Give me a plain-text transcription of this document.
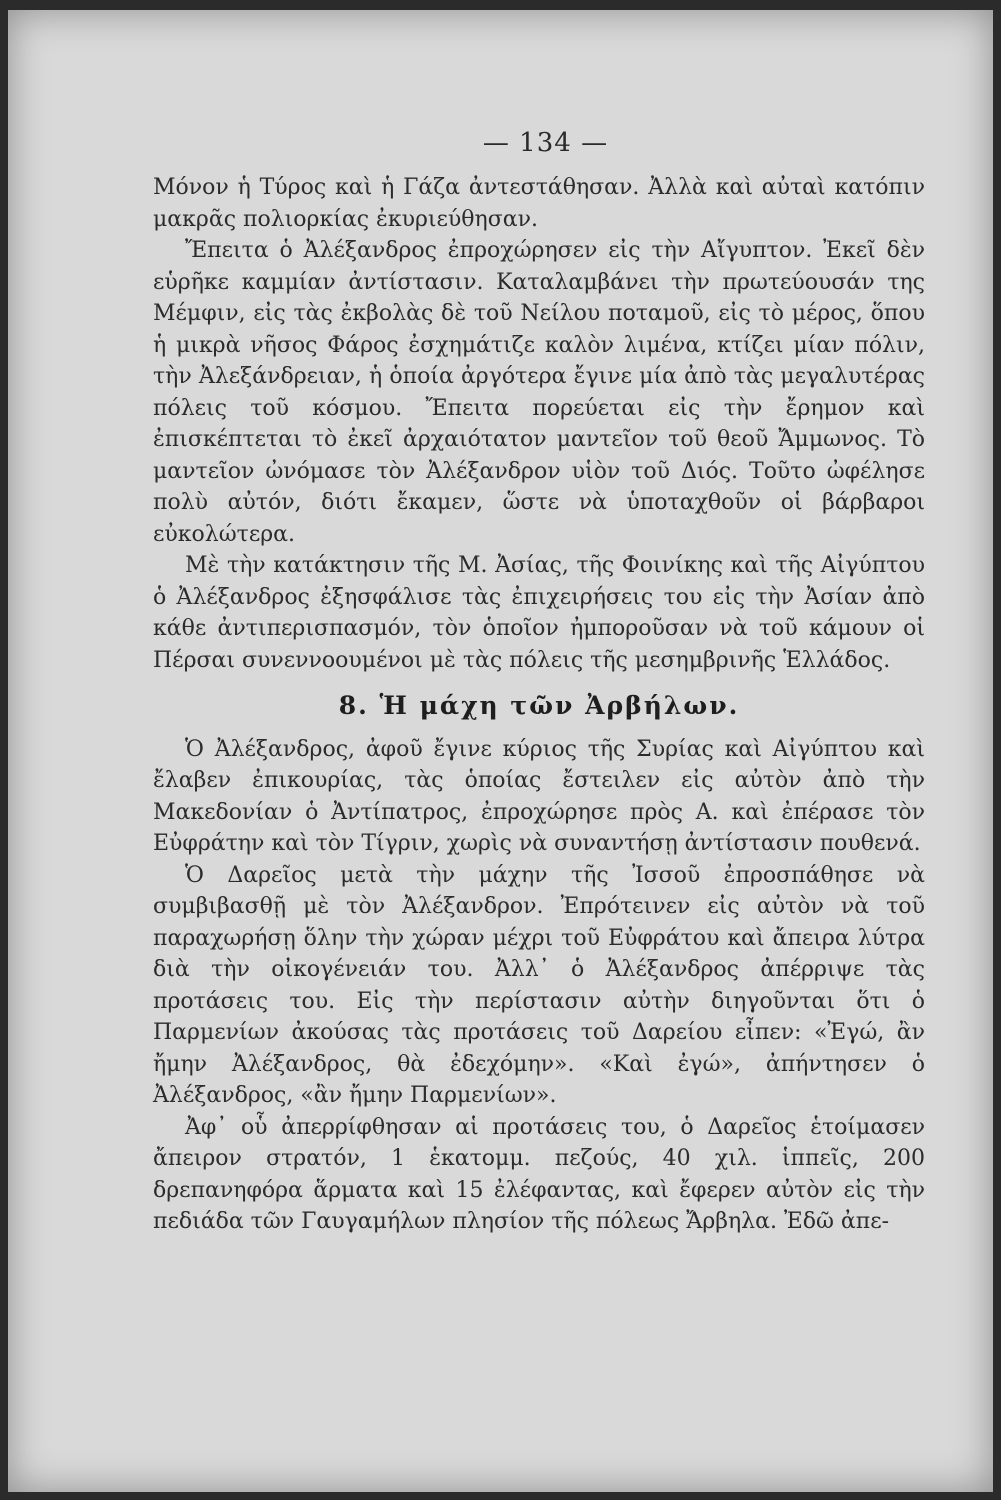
— 134 —

Μόνον ἡ Τύρος καὶ ἡ Γάζα ἀντεστάθησαν. Ἀλλὰ καὶ αὐταὶ κατόπιν μακρᾶς πολιορκίας ἐκυριεύθησαν.

Ἔπειτα ὁ Ἀλέξανδρος ἐπροχώρησεν εἰς τὴν Αἴγυπτον. Ἐκεῖ δὲν εὑρῆκε καμμίαν ἀντίστασιν. Καταλαμβάνει τὴν πρωτεύουσάν της Μέμφιν, εἰς τὰς ἐκβολὰς δὲ τοῦ Νείλου ποταμοῦ, εἰς τὸ μέρος, ὅπου ἡ μικρὰ νῆσος Φάρος ἐσχημάτιζε καλὸν λιμένα, κτίζει μίαν πόλιν, τὴν Ἀλεξάνδρειαν, ἡ ὁποία ἀργότερα ἔγινε μία ἀπὸ τὰς μεγαλυτέρας πόλεις τοῦ κόσμου. Ἔπειτα πορεύεται εἰς τὴν ἔρημον καὶ ἐπισκέπτεται τὸ ἐκεῖ ἀρχαιότατον μαντεῖον τοῦ θεοῦ Ἄμμωνος. Τὸ μαντεῖον ὠνόμασε τὸν Ἀλέξανδρον υἱὸν τοῦ Διός. Τοῦτο ὠφέλησε πολὺ αὐτόν, διότι ἔκαμεν, ὥστε νὰ ὑποταχθοῦν οἱ βάρβαροι εὐκολώτερα.

Μὲ τὴν κατάκτησιν τῆς Μ. Ἀσίας, τῆς Φοινίκης καὶ τῆς Αἰγύπτου ὁ Ἀλέξανδρος ἐξησφάλισε τὰς ἐπιχειρήσεις του εἰς τὴν Ἀσίαν ἀπὸ κάθε ἀντιπερισπασμόν, τὸν ὁποῖον ἠμποροῦσαν νὰ τοῦ κάμουν οἱ Πέρσαι συνεννοουμένοι μὲ τὰς πόλεις τῆς μεσημβρινῆς Ἑλλάδος.

8. Ἡ μάχη τῶν Ἀρβήλων.

Ὁ Ἀλέξανδρος, ἀφοῦ ἔγινε κύριος τῆς Συρίας καὶ Αἰγύπτου καὶ ἔλαβεν ἐπικουρίας, τὰς ὁποίας ἔστειλεν εἰς αὐτὸν ἀπὸ τὴν Μακεδονίαν ὁ Ἀντίπατρος, ἐπροχώρησε πρὸς Α. καὶ ἐπέρασε τὸν Εὐφράτην καὶ τὸν Τίγριν, χωρὶς νὰ συναντήσῃ ἀντίστασιν πουθενά.

Ὁ Δαρεῖος μετὰ τὴν μάχην τῆς Ἰσσοῦ ἐπροσπάθησε νὰ συμβιβασθῇ μὲ τὸν Ἀλέξανδρον. Ἐπρότεινεν εἰς αὐτὸν νὰ τοῦ παραχωρήσῃ ὅλην τὴν χώραν μέχρι τοῦ Εὐφράτου καὶ ἄπειρα λύτρα διὰ τὴν οἰκογένειάν του. Ἀλλ᾽ ὁ Ἀλέξανδρος ἀπέρριψε τὰς προτάσεις του. Εἰς τὴν περίστασιν αὐτὴν διηγοῦνται ὅτι ὁ Παρμενίων ἀκούσας τὰς προτάσεις τοῦ Δαρείου εἶπεν: «Ἐγώ, ἂν ἤμην Ἀλέξανδρος, θὰ ἐδεχόμην». «Καὶ ἐγώ», ἀπήντησεν ὁ Ἀλέξανδρος, «ἂν ἤμην Παρμενίων».

Ἀφ᾽ οὗ ἀπερρίφθησαν αἱ προτάσεις του, ὁ Δαρεῖος ἑτοίμασεν ἄπειρον στρατόν, 1 ἑκατομμ. πεζούς, 40 χιλ. ἱππεῖς, 200 δρεπανηφόρα ἅρματα καὶ 15 ἐλέφαντας, καὶ ἔφερεν αὐτὸν εἰς τὴν πεδιάδα τῶν Γαυγαμήλων πλησίον τῆς πόλεως Ἄρβηλα. Ἐδῶ ἀπε-
